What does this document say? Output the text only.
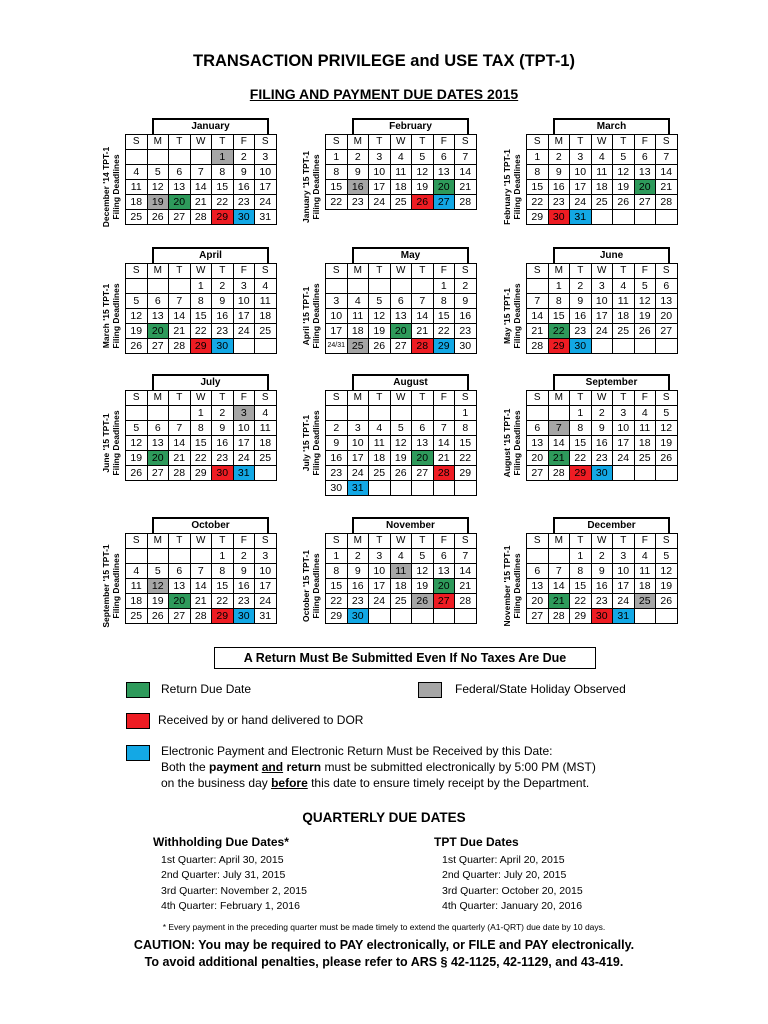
TRANSACTION PRIVILEGE and USE TAX (TPT-1)
FILING AND PAYMENT DUE DATES 2015
January
December '14 TPT-1
Filing Deadlines
S	M	T	W	T	F	S
				1	2	3
4	5	6	7	8	9	10
11	12	13	14	15	16	17
18	19	20	21	22	23	24
25	26	27	28	29	30	31
February
January '15 TPT-1
Filing Deadlines
S	M	T	W	T	F	S
1	2	3	4	5	6	7
8	9	10	11	12	13	14
15	16	17	18	19	20	21
22	23	24	25	26	27	28
March
February '15 TPT-1
Filing Deadlines
S	M	T	W	T	F	S
1	2	3	4	5	6	7
8	9	10	11	12	13	14
15	16	17	18	19	20	21
22	23	24	25	26	27	28
29	30	31				
April
March '15 TPT-1
Filing Deadlines
S	M	T	W	T	F	S
			1	2	3	4
5	6	7	8	9	10	11
12	13	14	15	16	17	18
19	20	21	22	23	24	25
26	27	28	29	30		
May
April '15 TPT-1
Filing Deadlines
S	M	T	W	T	F	S
					1	2
3	4	5	6	7	8	9
10	11	12	13	14	15	16
17	18	19	20	21	22	23
24/31	25	26	27	28	29	30
June
May '15 TPT-1
Filing Deadlines
S	M	T	W	T	F	S
	1	2	3	4	5	6
7	8	9	10	11	12	13
14	15	16	17	18	19	20
21	22	23	24	25	26	27
28	29	30				
July
June '15 TPT-1
Filing Deadlines
S	M	T	W	T	F	S
			1	2	3	4
5	6	7	8	9	10	11
12	13	14	15	16	17	18
19	20	21	22	23	24	25
26	27	28	29	30	31	
August
July '15 TPT-1
Filing Deadlines
S	M	T	W	T	F	S
						1
2	3	4	5	6	7	8
9	10	11	12	13	14	15
16	17	18	19	20	21	22
23	24	25	26	27	28	29
30	31					
September
August '15 TPT-1
Filing Deadlines
S	M	T	W	T	F	S
		1	2	3	4	5
6	7	8	9	10	11	12
13	14	15	16	17	18	19
20	21	22	23	24	25	26
27	28	29	30			
October
September '15 TPT-1
Filing Deadlines
S	M	T	W	T	F	S
				1	2	3
4	5	6	7	8	9	10
11	12	13	14	15	16	17
18	19	20	21	22	23	24
25	26	27	28	29	30	31
November
October '15 TPT-1
Filing Deadlines
S	M	T	W	T	F	S
1	2	3	4	5	6	7
8	9	10	11	12	13	14
15	16	17	18	19	20	21
22	23	24	25	26	27	28
29	30					
December
November '15 TPT-1
Filing Deadlines
S	M	T	W	T	F	S
		1	2	3	4	5
6	7	8	9	10	11	12
13	14	15	16	17	18	19
20	21	22	23	24	25	26
27	28	29	30	31		
A Return Must Be Submitted Even If No Taxes Are Due
Return Due Date	Federal/State Holiday Observed
Received by or hand delivered to DOR
Electronic Payment and Electronic Return Must be Received by this Date:
Both the payment and return must be submitted electronically by 5:00 PM (MST)
on the business day before this date to ensure timely receipt by the Department.
QUARTERLY DUE DATES
Withholding Due Dates*
1st Quarter: April 30, 2015
2nd Quarter: July 31, 2015
3rd Quarter: November 2, 2015
4th Quarter: February 1, 2016
TPT Due Dates
1st Quarter: April 20, 2015
2nd Quarter: July 20, 2015
3rd Quarter: October 20, 2015
4th Quarter: January 20, 2016
* Every payment in the preceding quarter must be made timely to extend the quarterly (A1-QRT) due date by 10 days.
CAUTION: You may be required to PAY electronically, or FILE and PAY electronically.
To avoid additional penalties, please refer to ARS § 42-1125, 42-1129, and 43-419.
